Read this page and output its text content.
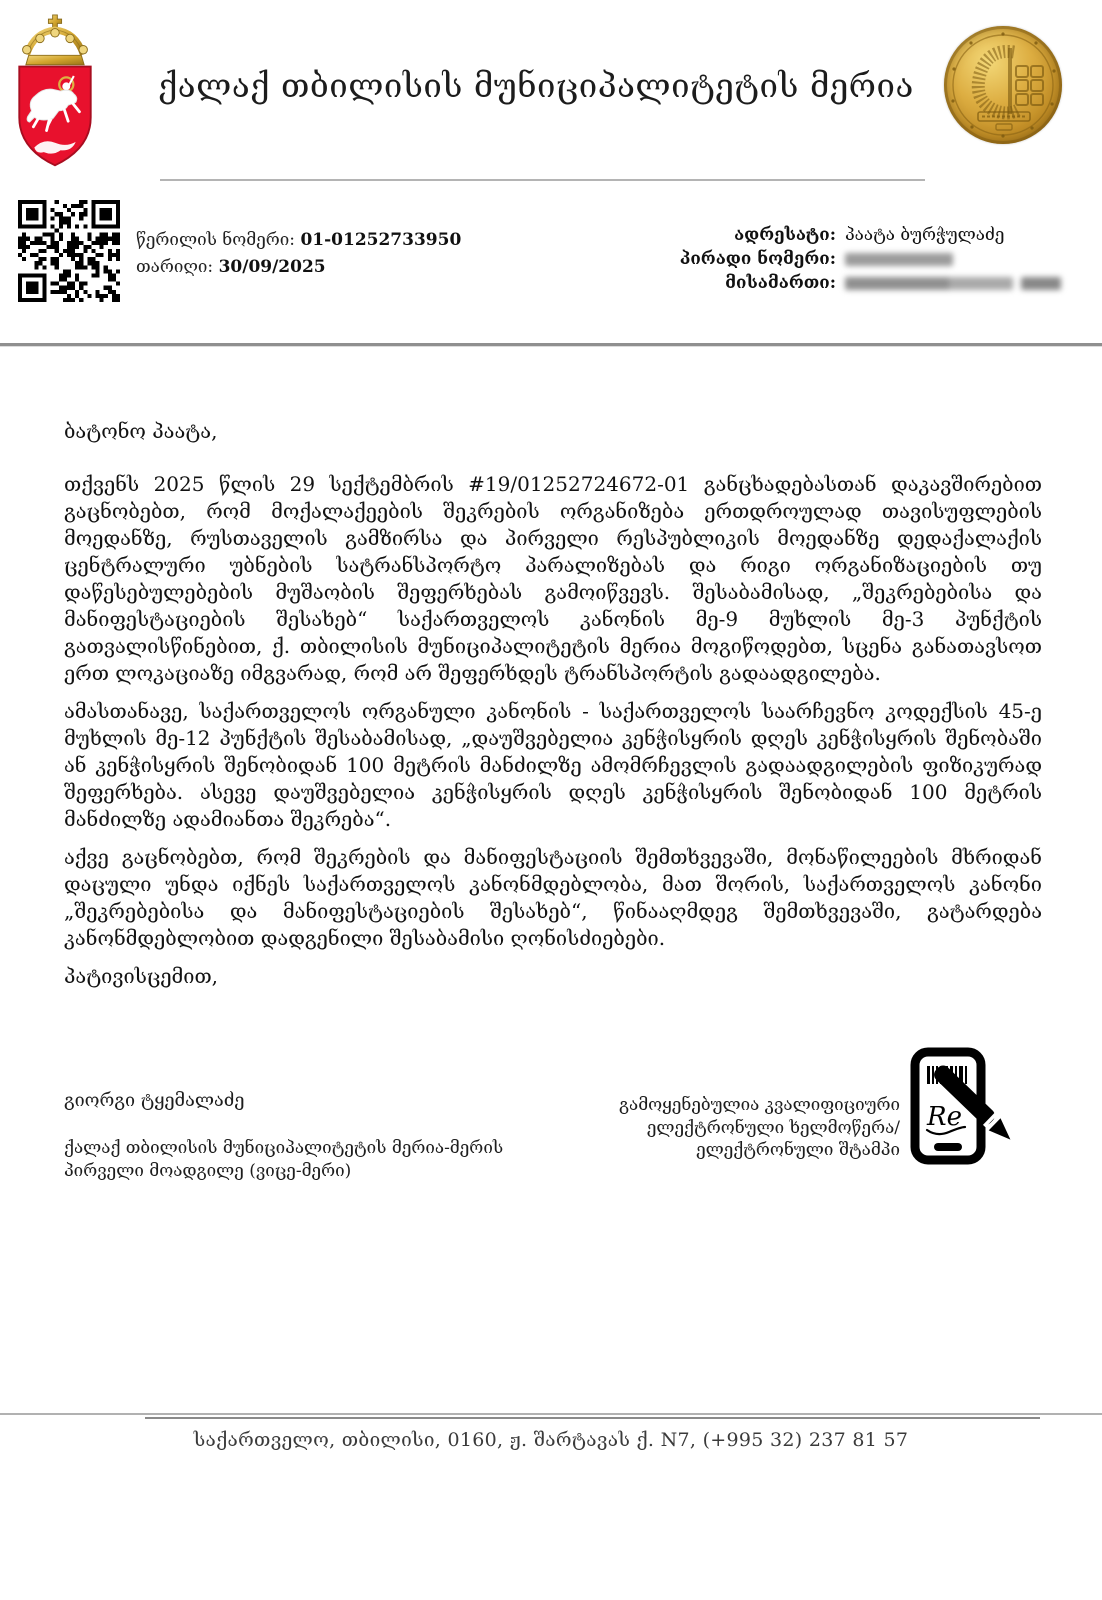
ქალაქ თბილისის მუნიციპალიტეტის მერია
წერილის ნომერი: 01-01252733950
თარიღი: 30/09/2025
ადრესატი: პაატა ბურჭულაძე
პირადი ნომერი:
მისამართი:

ბატონო პაატა,

თქვენს 2025 წლის 29 სექტემბრის #19/01252724672-01 განცხადებასთან დაკავშირებით გაცნობებთ, რომ მოქალაქეების შეკრების ორგანიზება ერთდროულად თავისუფლების მოედანზე, რუსთაველის გამზირსა და პირველი რესპუბლიკის მოედანზე დედაქალაქის ცენტრალური უბნების სატრანსპორტო პარალიზებას და რიგი ორგანიზაციების თუ დაწესებულებების მუშაობის შეფერხებას გამოიწვევს. შესაბამისად, „შეკრებებისა და მანიფესტაციების შესახებ“ საქართველოს კანონის მე-9 მუხლის მე-3 პუნქტის გათვალისწინებით, ქ. თბილისის მუნიციპალიტეტის მერია მოგიწოდებთ, სცენა განათავსოთ ერთ ლოკაციაზე იმგვარად, რომ არ შეფერხდეს ტრანსპორტის გადაადგილება.

ამასთანავე, საქართველოს ორგანული კანონის - საქართველოს საარჩევნო კოდექსის 45-ე მუხლის მე-12 პუნქტის შესაბამისად, „დაუშვებელია კენჭისყრის დღეს კენჭისყრის შენობაში ან კენჭისყრის შენობიდან 100 მეტრის მანძილზე ამომრჩევლის გადაადგილების ფიზიკურად შეფერხება. ასევე დაუშვებელია კენჭისყრის დღეს კენჭისყრის შენობიდან 100 მეტრის მანძილზე ადამიანთა შეკრება“.

აქვე გაცნობებთ, რომ შეკრების და მანიფესტაციის შემთხვევაში, მონაწილეების მხრიდან დაცული უნდა იქნეს საქართველოს კანონმდებლობა, მათ შორის, საქართველოს კანონი „შეკრებებისა და მანიფესტაციების შესახებ“, წინააღმდეგ შემთხვევაში, გატარდება კანონმდებლობით დადგენილი შესაბამისი ღონისძიებები.

პატივისცემით,

გიორგი ტყემალაძე
ქალაქ თბილისის მუნიციპალიტეტის მერია-მერის
პირველი მოადგილე (ვიცე-მერი)
გამოყენებულია კვალიფიციური
ელექტრონული ხელმოწერა/
ელექტრონული შტამპი
Re
საქართველო, თბილისი, 0160, ჟ. შარტავას ქ. N7, (+995 32) 237 81 57
